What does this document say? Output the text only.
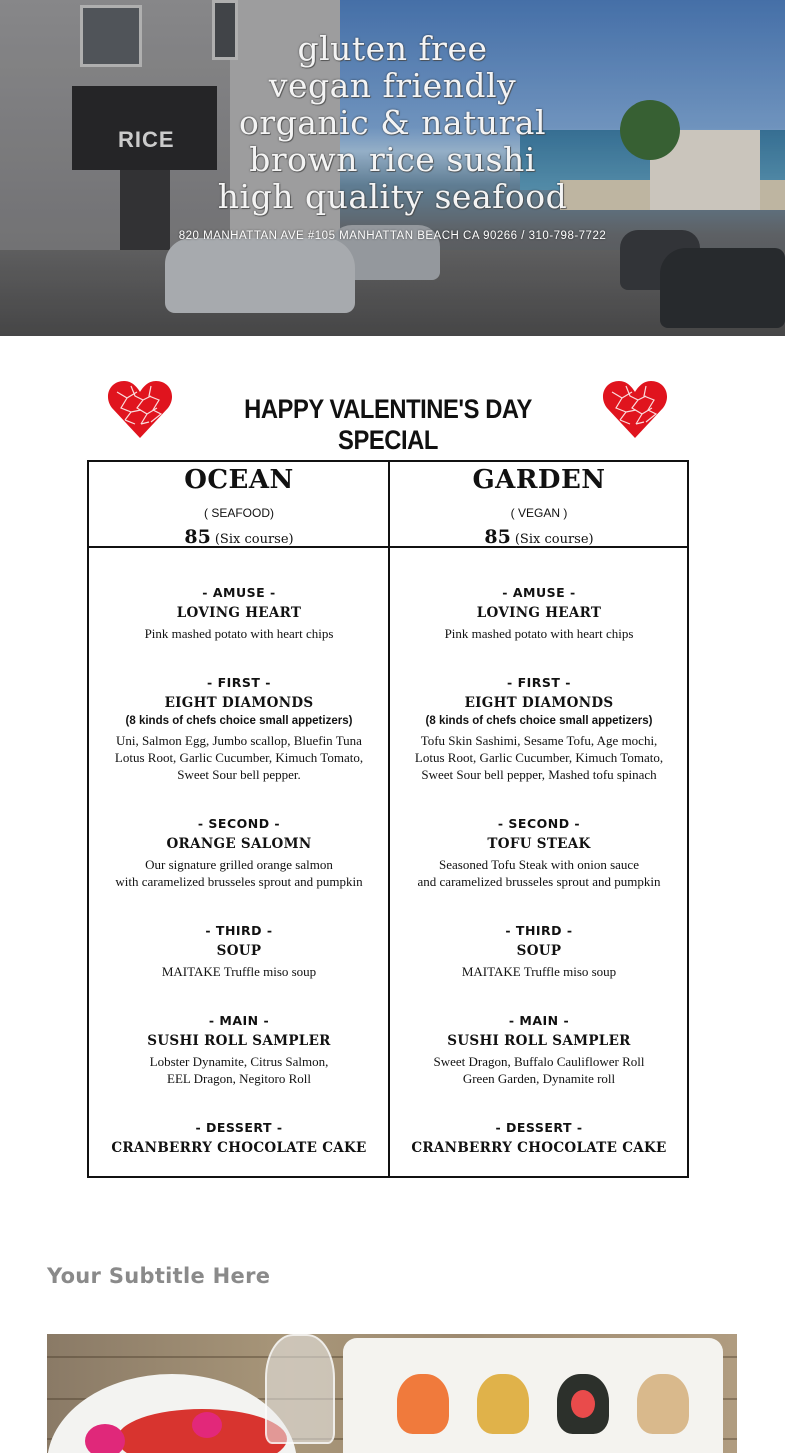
RICE
gluten free
vegan friendly
organic & natural
brown rice sushi
high quality seafood
820 MANHATTAN AVE #105 MANHATTAN BEACH CA 90266 / 310-798-7722
HAPPY VALENTINE'S DAY SPECIAL
OCEAN
( SEAFOOD)
85 (Six course)
GARDEN
( VEGAN )
85 (Six course)
- AMUSE -
LOVING HEART
Pink mashed potato with heart chips
- FIRST -
EIGHT DIAMONDS
(8 kinds of chefs choice small appetizers)
Uni, Salmon Egg, Jumbo scallop, Bluefin Tuna
Lotus Root, Garlic Cucumber, Kimuch Tomato,
Sweet Sour bell pepper.
- SECOND -
ORANGE SALOMN
Our signature grilled orange salmon
with caramelized brusseles sprout and pumpkin
- THIRD -
SOUP
MAITAKE Truffle miso soup
- MAIN -
SUSHI ROLL SAMPLER
Lobster Dynamite, Citrus Salmon,
EEL Dragon, Negitoro Roll
- DESSERT -
CRANBERRY CHOCOLATE CAKE
- AMUSE -
LOVING HEART
Pink mashed potato with heart chips
- FIRST -
EIGHT DIAMONDS
(8 kinds of chefs choice small appetizers)
Tofu Skin Sashimi, Sesame Tofu, Age mochi,
Lotus Root, Garlic Cucumber, Kimuch Tomato,
Sweet Sour bell pepper, Mashed tofu spinach
- SECOND -
TOFU STEAK
Seasoned Tofu Steak with onion sauce
and caramelized brusseles sprout and pumpkin
- THIRD -
SOUP
MAITAKE Truffle miso soup
- MAIN -
SUSHI ROLL SAMPLER
Sweet Dragon, Buffalo Cauliflower Roll
Green Garden, Dynamite roll
- DESSERT -
CRANBERRY CHOCOLATE CAKE
Your Subtitle Here
